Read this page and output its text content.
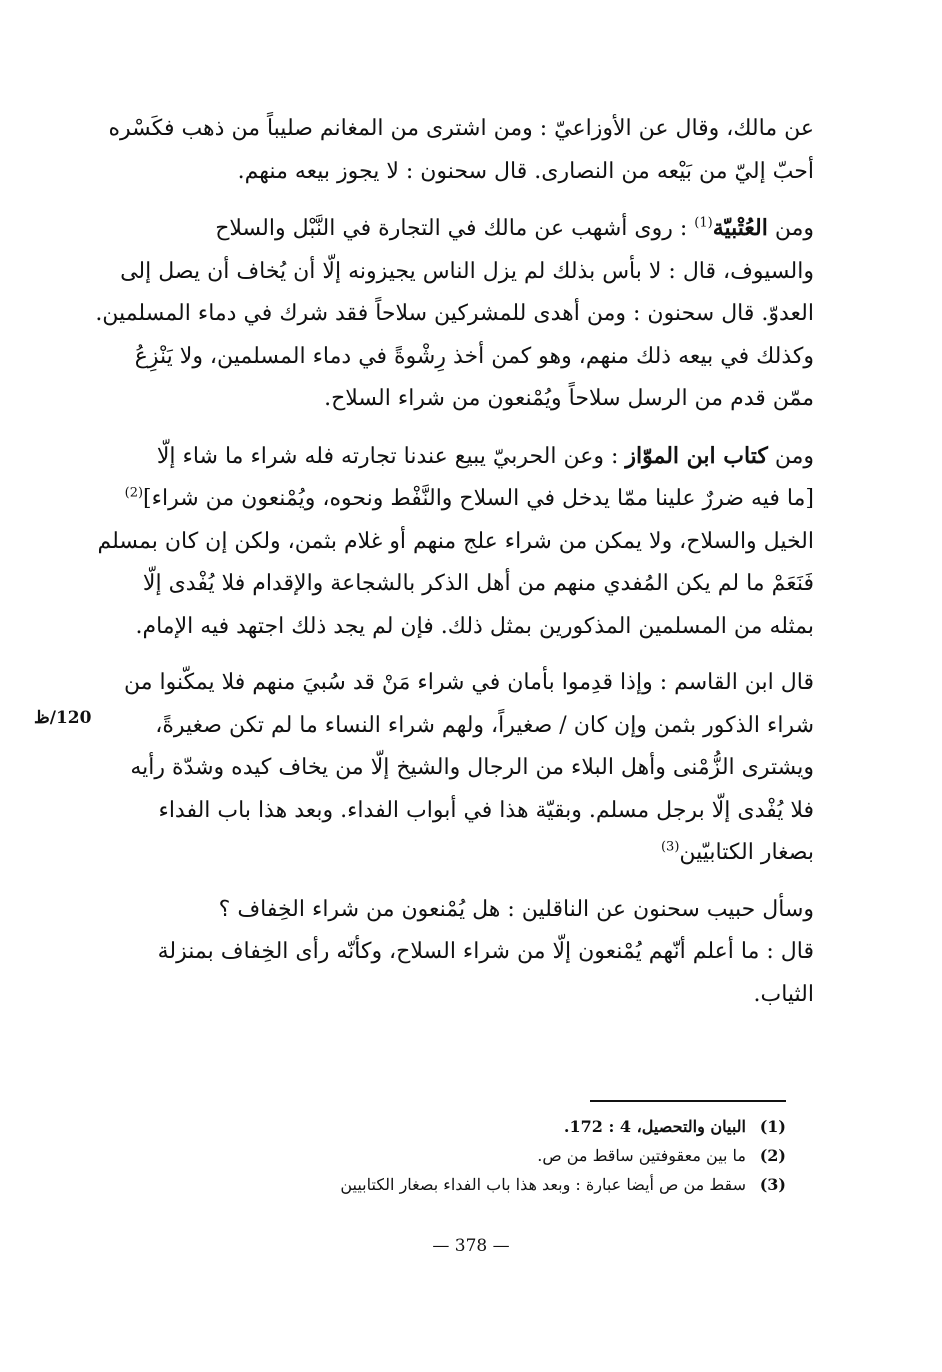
عن مالك، وقال عن الأوزاعيّ : ومن اشترى من المغانم صليباً من ذهب فكَسْره
أحبّ إليّ من بَيْعه من النصارى. قال سحنون : لا يجوز بيعه منهم.

ومن العُتْبيّة$^{(1)}$ : روى أشهب عن مالك في التجارة في النَّبْل والسلاح
والسيوف، قال : لا بأس بذلك لم يزل الناس يجيزونه إلّا أن يُخاف أن يصل إلى
العدوّ. قال سحنون : ومن أهدى للمشركين سلاحاً فقد شرك في دماء المسلمين.
وكذلك في بيعه ذلك منهم، وهو كمن أخذ رِشْوةً في دماء المسلمين، ولا يَنْزِعُ
ممّن قدم من الرسل سلاحاً ويُمْنعون من شراء السلاح.

ومن كتاب ابن الموّاز : وعن الحربيّ يبيع عندنا تجارته فله شراء ما شاء إلّا
[ما فيه ضررٌ علينا ممّا يدخل في السلاح والنَّفْط ونحوه، ويُمْنعون من شراء]$^{(2)}$
الخيل والسلاح، ولا يمكن من شراء علج منهم أو غلام بثمن، ولكن إن كان بمسلم
فَنَعَمْ ما لم يكن المُفدي منهم من أهل الذكر بالشجاعة والإقدام فلا يُفْدى إلّا
بمثله من المسلمين المذكورين بمثل ذلك. فإن لم يجد ذلك اجتهد فيه الإمام.

قال ابن القاسم : وإذا قدِموا بأمان في شراء مَنْ قد سُبيَ منهم فلا يمكّنوا من
شراء الذكور بثمن وإن كان / صغيراً، ولهم شراء النساء ما لم تكن صغيرةً،
ويشترى الزُّمْنى وأهل البلاء من الرجال والشيخ إلّا من يخاف كيده وشدّة رأيه
فلا يُفْدى إلّا برجل مسلم. وبقيّة هذا في أبواب الفداء. وبعد هذا باب الفداء
بصغار الكتابيّين$^{(3)}$

وسأل حبيب سحنون عن الناقلين : هل يُمْنعون من شراء الخِفاف ؟
قال : ما أعلم أنّهم يُمْنعون إلّا من شراء السلاح، وكأنّه رأى الخِفاف بمنزلة
الثياب.

120/ظ
(1)البيان والتحصيل، 4 : 172.
(2)ما بين معقوفتين ساقط من ص.
(3)سقط من ص أيضا عبارة : وبعد هذا باب الفداء بصغار الكتابيين
— 378 —
